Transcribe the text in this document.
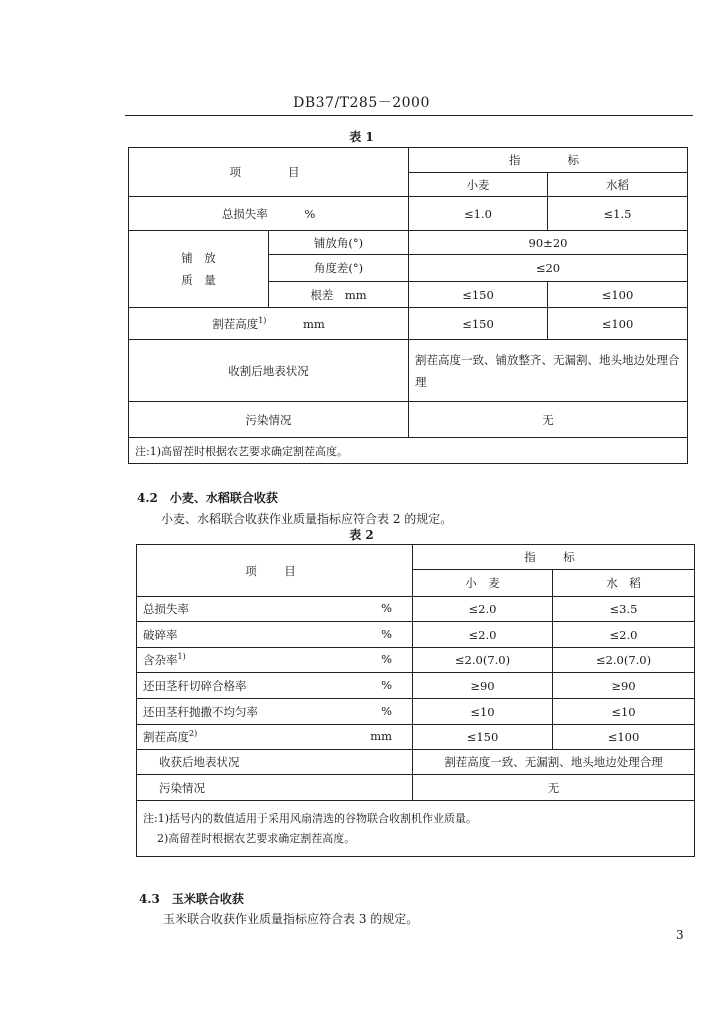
DB37/T285－2000
表 1
项　　目		指　　标	
		小麦	水稻
总损失率 %		≤1.0	≤1.5
铺　放
质　量	铺放角(°)	90±20	
	角度差(°)	≤20	
	根差　mm	≤150	≤100
割茬高度$^{1)}$ mm		≤150	≤100
收割后地表状况		割茬高度一致、铺放整齐、无漏割、地头地边处理合理	
污染情况		无	
注:1)高留茬时根据农艺要求确定割茬高度。			
4.2　小麦、水稻联合收获
小麦、水稻联合收获作业质量指标应符合表 2 的规定。
表 2
项　目	指　标	
	小　麦	水　稻
总损失率 %	≤2.0	≤3.5
破碎率 %	≤2.0	≤2.0
含杂率$^{1)}$ %	≤2.0(7.0)	≤2.0(7.0)
还田茎秆切碎合格率 %	≥90	≥90
还田茎秆抛撒不均匀率 %	≤10	≤10
割茬高度$^{2)}$ mm	≤150	≤100
收获后地表状况	割茬高度一致、无漏割、地头地边处理合理	
污染情况	无	

注:1)括号内的数值适用于采用风扇清选的谷物联合收割机作业质量。
2)高留茬时根据农艺要求确定割茬高度。		
4.3　玉米联合收获
玉米联合收获作业质量指标应符合表 3 的规定。
3
